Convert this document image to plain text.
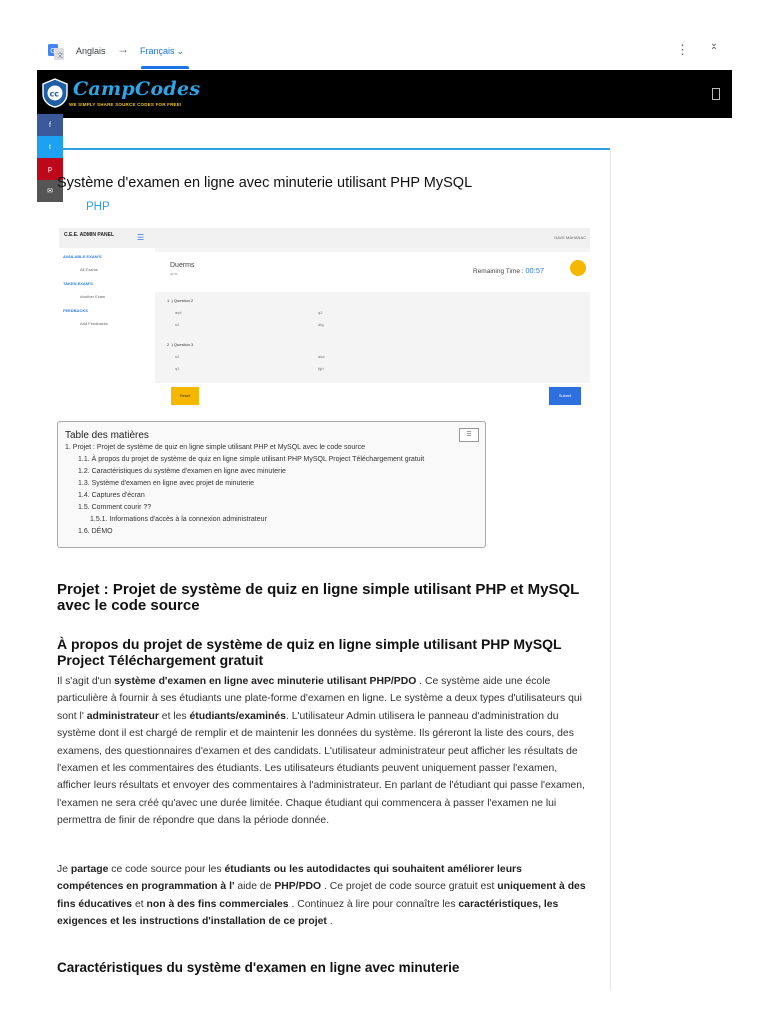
G
文 Anglais → Français ⌄	⋮ ⌄
⌃
cc CampCodes
WE SIMPLY SHARE SOURCE CODES FOR FREE!
f
t
p
✉
Système d'examen en ligne avec minuterie utilisant PHP MySQL
PHP
C.E.E. ADMIN PANEL	☰	GAVE MAHANAC
AVAILABLE EXAM'S
All Exams
TAKEN EXAM'S
Another Exam
FEEDBACKS
Add Feedbacks
Duerms
qms	Remaining Time : 00:57
1 .) Question 2
asd	q2
s4	dfg
2 .) Question 3
s4	asd
q1	fgh
Reset	Submit
Table des matières	☰
1. Projet : Projet de système de quiz en ligne simple utilisant PHP et MySQL avec le code source
1.1. À propos du projet de système de quiz en ligne simple utilisant PHP MySQL Project Téléchargement gratuit
1.2. Caractéristiques du système d'examen en ligne avec minuterie
1.3. Système d'examen en ligne avec projet de minuterie
1.4. Captures d'écran
1.5. Comment courir ??
1.5.1. Informations d'accès à la connexion administrateur
1.6. DÉMO
Projet : Projet de système de quiz en ligne simple utilisant PHP et MySQL avec le code source
À propos du projet de système de quiz en ligne simple utilisant PHP MySQL Project Téléchargement gratuit
Il s'agit d'un système d'examen en ligne avec minuterie utilisant PHP/PDO . Ce système aide une école particulière à fournir à ses étudiants une plate-forme d'examen en ligne. Le système a deux types d'utilisateurs qui sont l' administrateur et les étudiants/examinés. L'utilisateur Admin utilisera le panneau d'administration du système dont il est chargé de remplir et de maintenir les données du système. Ils géreront la liste des cours, des examens, des questionnaires d'examen et des candidats. L'utilisateur administrateur peut afficher les résultats de l'examen et les commentaires des étudiants. Les utilisateurs étudiants peuvent uniquement passer l'examen, afficher leurs résultats et envoyer des commentaires à l'administrateur. En parlant de l'étudiant qui passe l'examen, l'examen ne sera créé qu'avec une durée limitée. Chaque étudiant qui commencera à passer l'examen ne lui permettra de finir de répondre que dans la période donnée.
Je partage ce code source pour les étudiants ou les autodidactes qui souhaitent améliorer leurs compétences en programmation à l' aide de PHP/PDO . Ce projet de code source gratuit est uniquement à des fins éducatives et non à des fins commerciales . Continuez à lire pour connaître les caractéristiques, les exigences et les instructions d'installation de ce projet .
Caractéristiques du système d'examen en ligne avec minuterie
